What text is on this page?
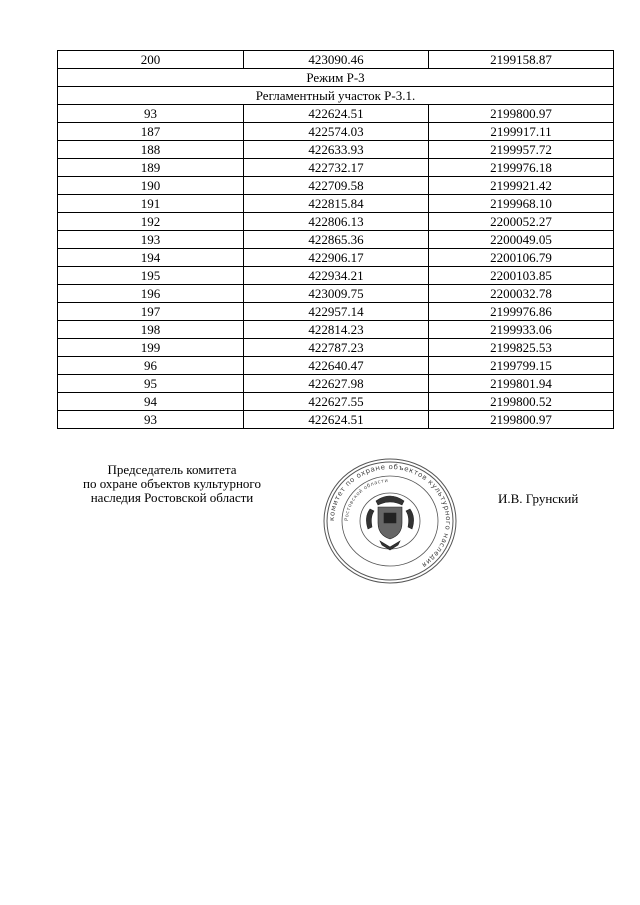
200	423090.46	2199158.87
Режим Р-3		
Регламентный участок Р-3.1.		
93	422624.51	2199800.97
187	422574.03	2199917.11
188	422633.93	2199957.72
189	422732.17	2199976.18
190	422709.58	2199921.42
191	422815.84	2199968.10
192	422806.13	2200052.27
193	422865.36	2200049.05
194	422906.17	2200106.79
195	422934.21	2200103.85
196	423009.75	2200032.78
197	422957.14	2199976.86
198	422814.23	2199933.06
199	422787.23	2199825.53
96	422640.47	2199799.15
95	422627.98	2199801.94
94	422627.55	2199800.52
93	422624.51	2199800.97
Председатель комитета
по охране объектов культурного
наследия Ростовской области
комитет по охране объектов культурного наследия
Ростовской области
И.В. Грунский
